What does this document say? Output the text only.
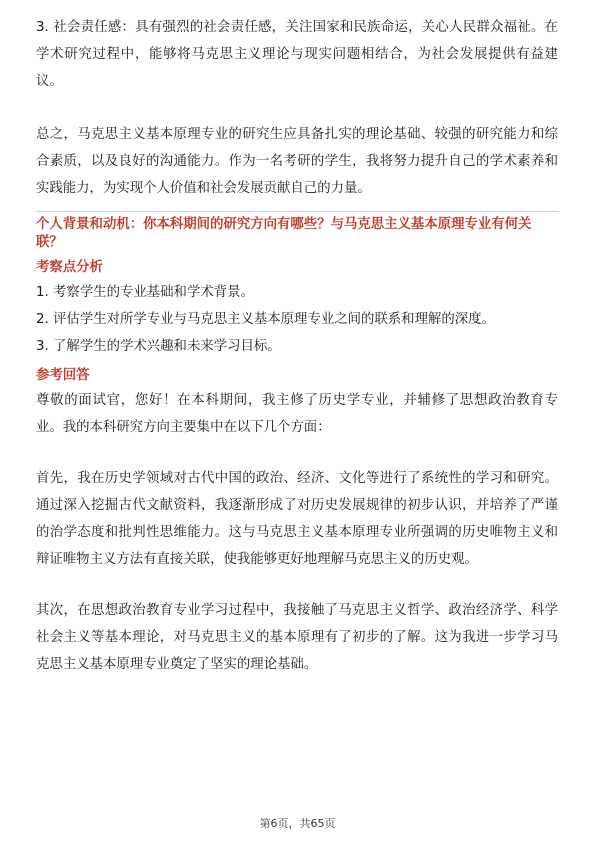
3. 社会责任感：具有强烈的社会责任感，关注国家和民族命运，关心人民群众福祉。在学术研究过程中，能够将马克思主义理论与现实问题相结合，为社会发展提供有益建议。

总之，马克思主义基本原理专业的研究生应具备扎实的理论基础、较强的研究能力和综合素质，以及良好的沟通能力。作为一名考研的学生，我将努力提升自己的学术素养和实践能力，为实现个人价值和社会发展贡献自己的力量。

个人背景和动机：你本科期间的研究方向有哪些？与马克思主义基本原理专业有何关联？

考察点分析

1. 考察学生的专业基础和学术背景。

2. 评估学生对所学专业与马克思主义基本原理专业之间的联系和理解的深度。

3. 了解学生的学术兴趣和未来学习目标。

参考回答

尊敬的面试官，您好！在本科期间，我主修了历史学专业，并辅修了思想政治教育专业。我的本科研究方向主要集中在以下几个方面：

首先，我在历史学领域对古代中国的政治、经济、文化等进行了系统性的学习和研究。通过深入挖掘古代文献资料，我逐渐形成了对历史发展规律的初步认识，并培养了严谨的治学态度和批判性思维能力。这与马克思主义基本原理专业所强调的历史唯物主义和辩证唯物主义方法有直接关联，使我能够更好地理解马克思主义的历史观。

其次，在思想政治教育专业学习过程中，我接触了马克思主义哲学、政治经济学、科学社会主义等基本理论，对马克思主义的基本原理有了初步的了解。这为我进一步学习马克思主义基本原理专业奠定了坚实的理论基础。

第6页，共65页
